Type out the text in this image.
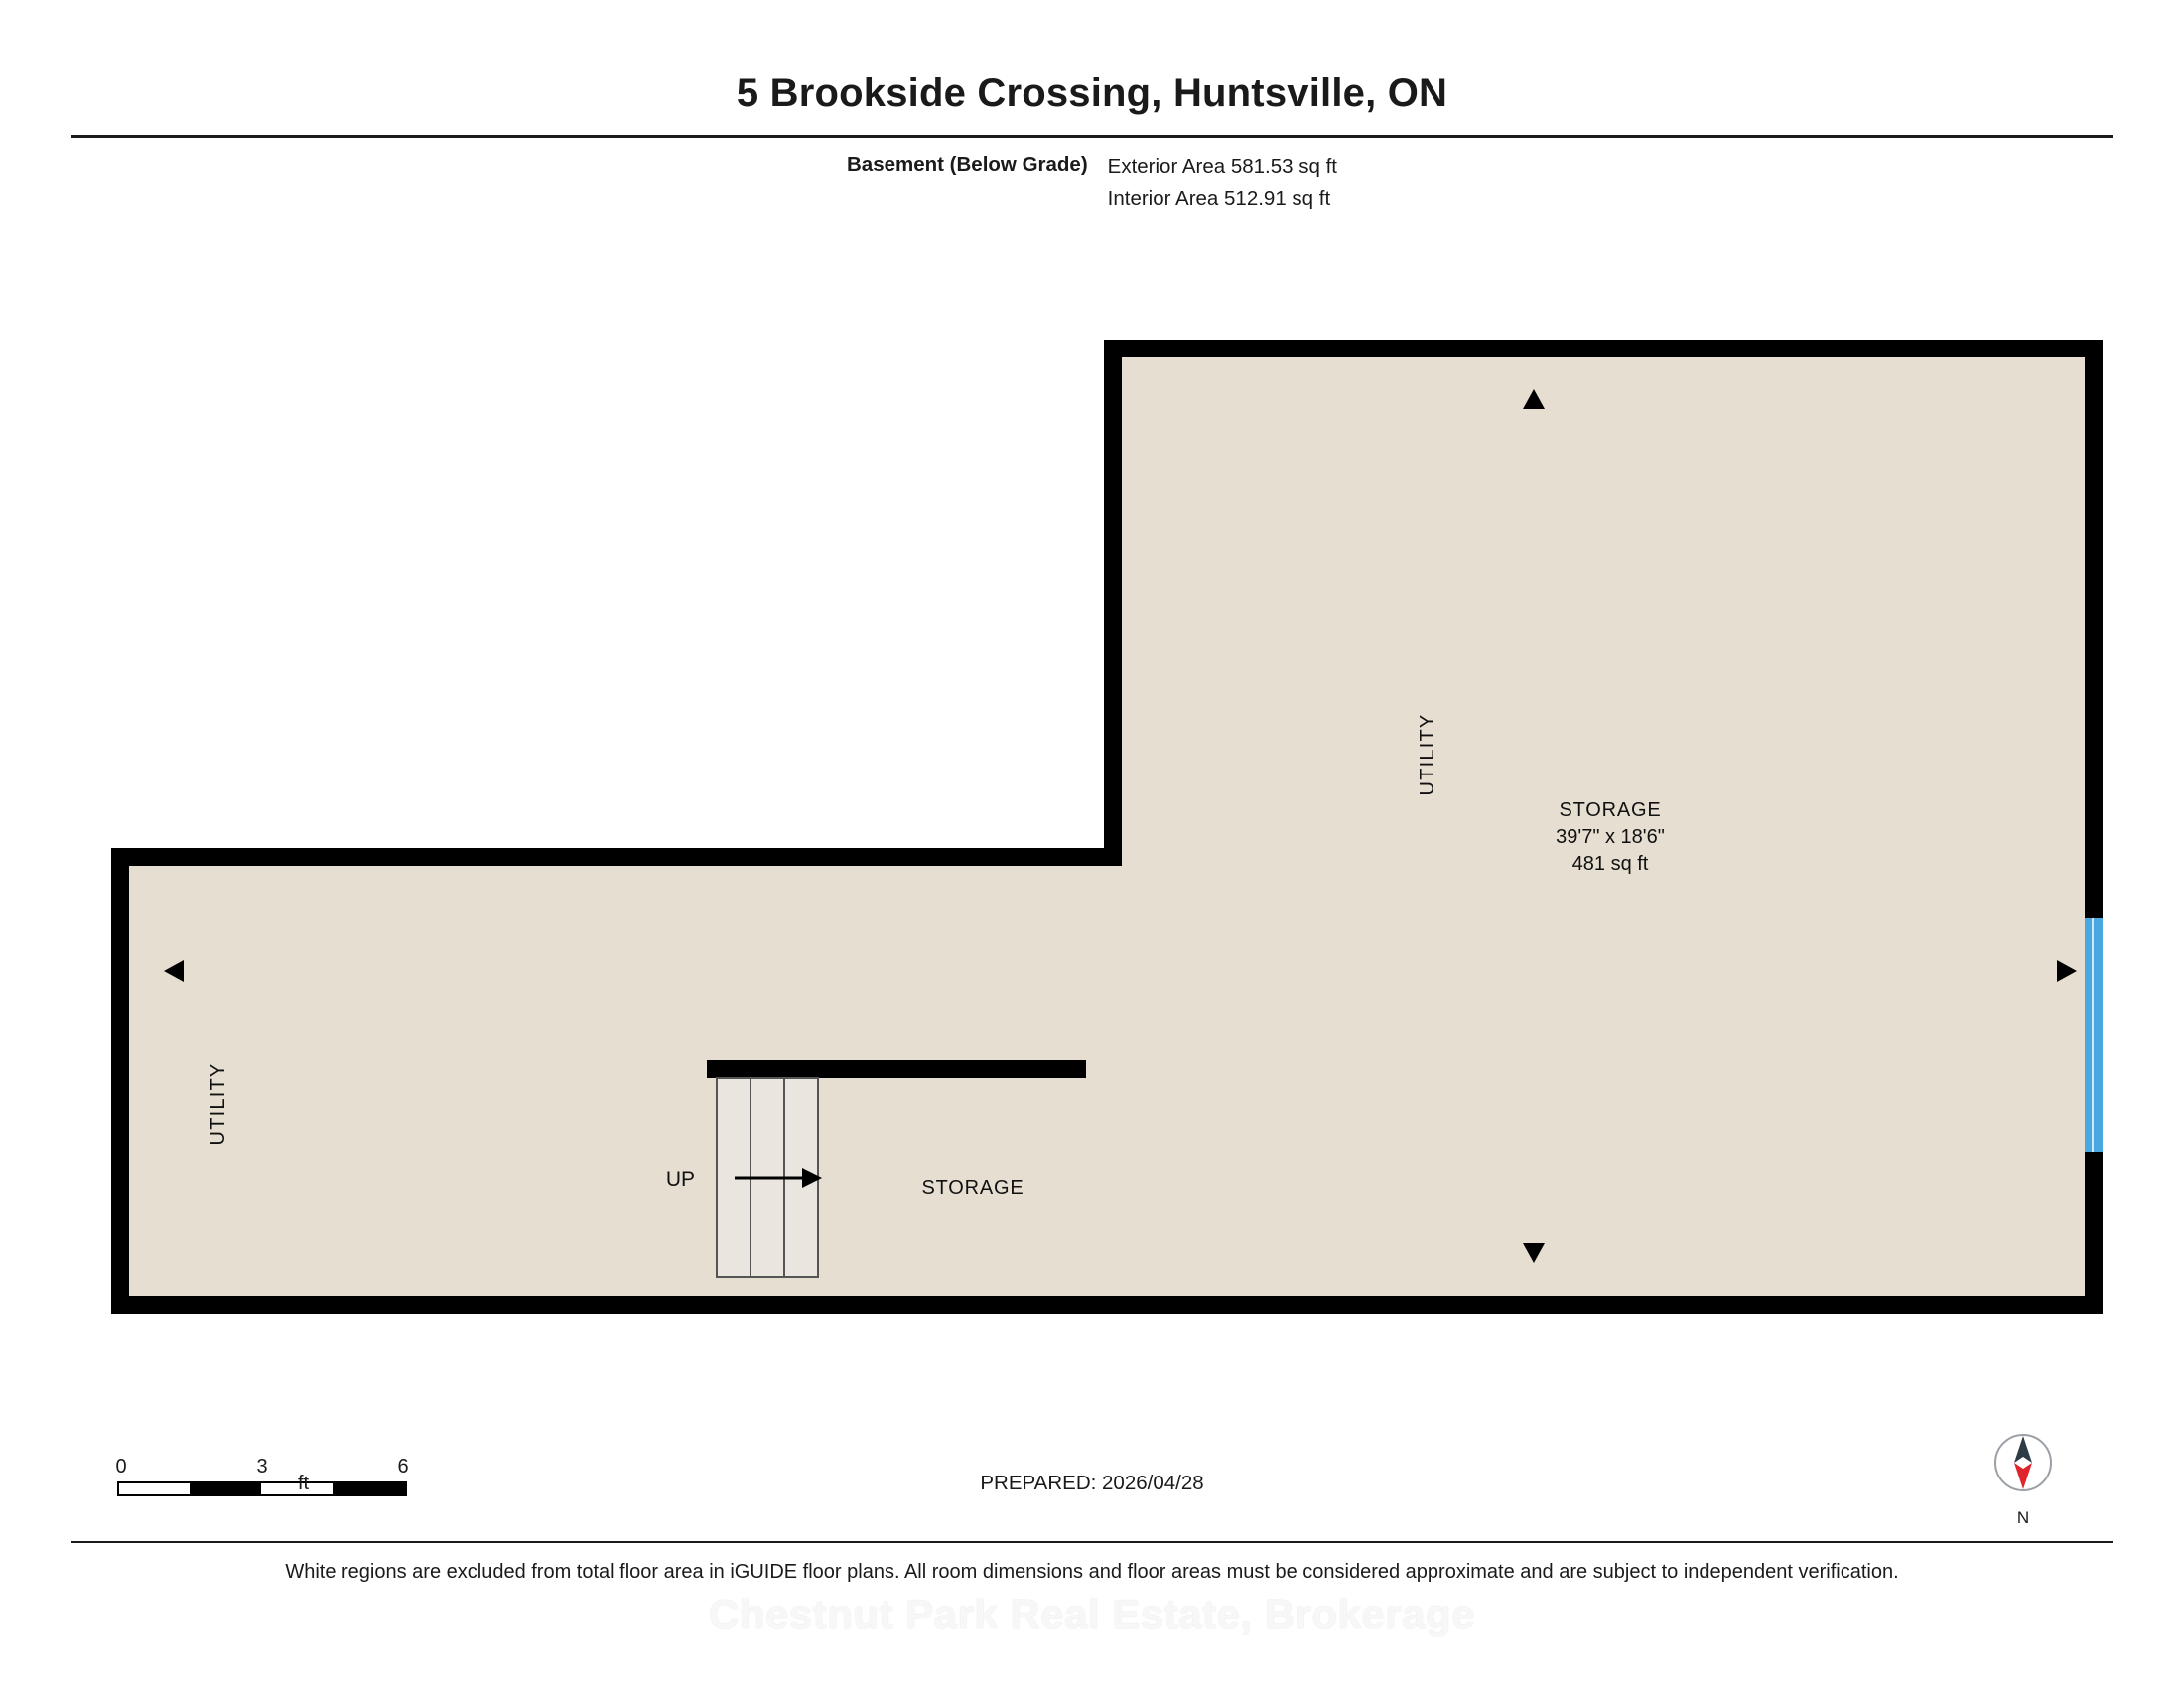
5 Brookside Crossing, Huntsville, ON
Basement (Below Grade) Exterior Area 581.53 sq ft
Interior Area 512.91 sq ft
UP
UTILITY
UTILITY
STORAGE
39'7" x 18'6"
481 sq ft
STORAGE
0	3	6
ft	PREPARED: 2026/04/28
N
White regions are excluded from total floor area in iGUIDE floor plans. All room dimensions and floor areas must be considered approximate and are subject to independent verification.
Chestnut Park Real Estate, Brokerage
